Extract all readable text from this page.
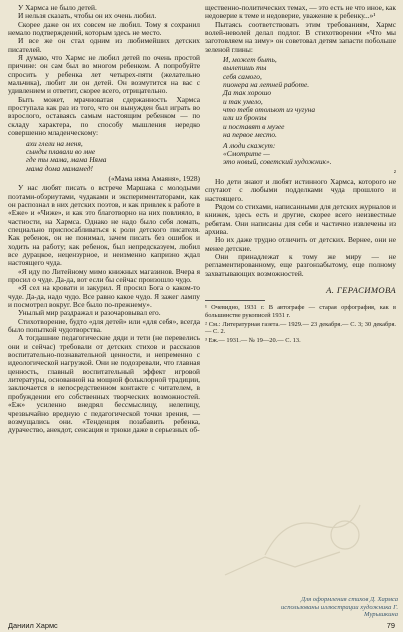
У Хармса не было детей.

И нельзя сказать, чтобы он их очень любил.

Скорее даже он их совсем не любил. Тому я сохранил немало подтверждений, которым здесь не место.

И все же он стал одним из любимейших детских писателей.

Я думаю, что Хармс не любил детей по очень простой причине: он сам был во многом ребенком. А попробуйте спросить у ребенка лет четырех-пяти (желательно мальчика), любит ли он детей. Он возмутится на вас с удивлением и ответит, скорее всего, отрицательно.

Быть может, мрачноватая сдержанность Хармса проступала как раз из того, что он вынужден был играть во взрослого, оставаясь самым настоящим ребенком — по складу характера, по способу мышления нередко совершенно младенческому:

ахи глели на меня,
сынды плавали во мне
где ты мама, мама Няма
мама дома мамамед!

(«Мама няма Амаяня», 1928)

У нас любят писать о встрече Маршака с молодыми поэтами-обэриутами, чудаками и экспериментаторами, как он распознал в них детских поэтов, и как привлек к работе в «Еже» и «Чиже», и как это благотворно на них повлияло, в частности, на Хармса. Однако не надо было себя ломать, специально приспосабливаться к роли детского писателя. Как ребенок, он не понимал, зачем писать без ошибок и ходить на работу; как ребенок, был непредсказуем, любил все дурацкое, нецензурное, и неизменно капризно ждал настоящего чуда.

«Я иду по Литейному мимо книжных магазинов. Вчера я просил о чуде. Да-да, вот если бы сейчас произошло чудо.

«Я сел на кровати и закурил. Я просил Бога о каком-то чуде. Да-да, надо чудо. Все равно какое чудо. Я зажег лампу и посмотрел вокруг. Все было по-прежнему».

Унылый мир раздражал и разочаровывал его.

Стихотворение, будто «для детей» или «для себя», всегда было попыткой чудотворства.

А тогдашние педагогические дяди и тети (не перевелись они и сейчас) требовали от детских стихов и рассказов воспитательно-познавательной ценности, и непременно с идеологической нагрузкой. Они не подозревали, что главная ценность, главный воспитательный эффект игровой литературы, основанной на мощной фольклорной традиции, заключается в непосредственном контакте с читателем, в пробуждении его собственных творческих возможностей. «Еж» усиленно внедрял бессмыслицу, нелепицу, чрезвычайно вредную с педагогической точки зрения, — возмущались они. «Тенденция позабавить ребенка, дурачество, анекдот, сенсация и трюки даже в серьезных об-

щественно-политических темах, — это есть не что иное, как недоверие к теме и недоверие, уважение к ребенку...»¹

Пытаясь соответствовать этим требованиям, Хармс волей-неволей делал подлог. В стихотворении «Что мы заготовляем на зиму» он советовал детям запасти побольше зеленой глины:

И, может быть,
вылепишь ты
себя самого,
пионера на летней работе.
Да так хорошо
и так умело,
что тебя отольют из чугуна
или из бронзы
и поставят в музее
на первое место.
А люди скажут:
«Смотрите —
это новый, советский художник».

²

Но дети знают и любят истинного Хармса, которого не спутают с любыми подделками чуда прошлого и настоящего.

Рядом со стихами, написанными для детских журналов и книжек, здесь есть и другие, скорее всего неизвестные ребятам. Они написаны для себя и частично извлечены из архива.

Но их даже трудно отличить от детских. Вернее, они не менее детские.

Они принадлежат к тому же миру — не регламентированному, еще разгонзабытому, еще полному захватывающих возможностей.

А. ГЕРАСИМОВА

¹ Очевидно, 1931 г. В автографе — старая орфография, как в большинстве рукописей 1931 г.

² См.: Литературная газета.— 1929.— 23 декабря.— С. 3; 30 декабря.— С. 2.

³ Еж.— 1931.— № 19—20.— С. 13.

Для оформления стихов Д. Хармса использованы иллюстрации художника Г. Мурышкина
Даниил Хармс	79
